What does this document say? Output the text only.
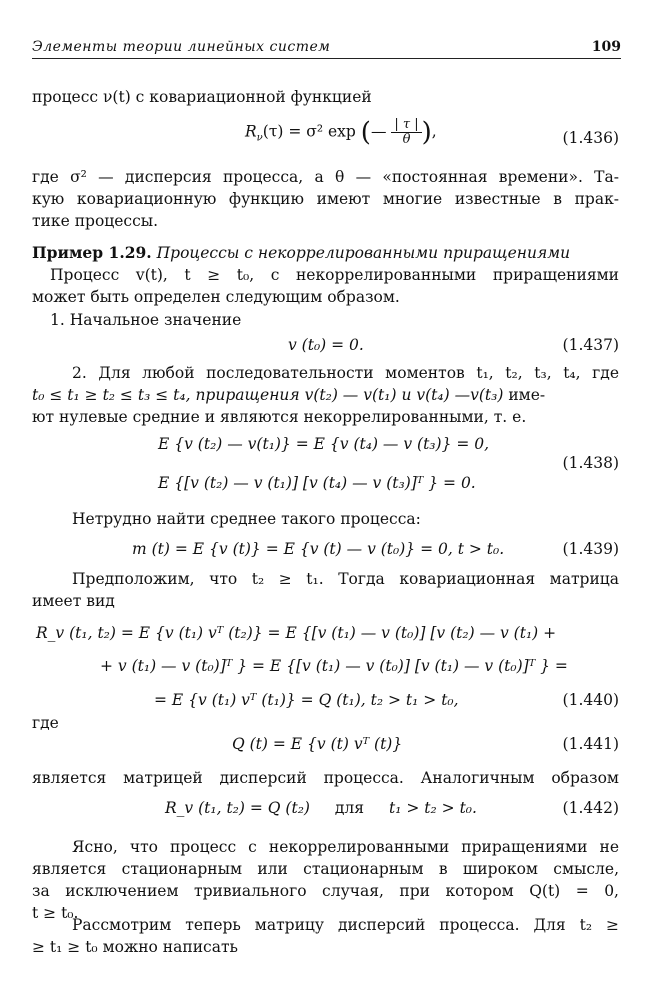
Элементы теории линейных систем	109
процесс ν(t) с ковариационной функцией
$R_\nu(\tau) = \sigma^2$ exp (— $\frac{| \tau |}{\theta}$ ),	(1.436)
где σ² — дисперсия процесса, а θ — «постоянная времени». Та-
кую ковариационную функцию имеют многие известные в прак-
тике процессы.
Пример 1.29. Процессы с некоррелированными приращениями
Процесс v(t), t ≥ t₀, с некоррелированными приращениями
может быть определен следующим образом.
1. Начальное значение
v (t₀) = 0.	(1.437)
2. Для любой последовательности моментов t₁, t₂, t₃, t₄, где
t₀ ≤ t₁ ≥ t₂ ≤ t₃ ≤ t₄, приращения v(t₂) — v(t₁) и v(t₄) —v(t₃) име-
ют нулевые средние и являются некоррелированными, т. е.
E {v (t₂) — v(t₁)} = E {v (t₄) — v (t₃)} = 0,
E {[v (t₂) — v (t₁)] [v (t₄) — v (t₃)]ᵀ } = 0.
(1.438)
Нетрудно найти среднее такого процесса:
m (t) = E {v (t)} = E {v (t) — v (t₀)} = 0, t > t₀.	(1.439)
Предположим, что t₂ ≥ t₁. Тогда ковариационная матрица
имеет вид
R_v (t₁, t₂) = E {v (t₁) vᵀ (t₂)} = E {[v (t₁) — v (t₀)] [v (t₂) — v (t₁) +
+ v (t₁) — v (t₀)]ᵀ } = E {[v (t₁) — v (t₀)] [v (t₁) — v (t₀)]ᵀ } =
= E {v (t₁) vᵀ (t₁)} = Q (t₁), t₂ > t₁ > t₀,	(1.440)
где
Q (t) = E {v (t) vᵀ (t)}	(1.441)
является матрицей дисперсий процесса. Аналогичным образом
R_v (t₁, t₂) = Q (t₂) для t₁ > t₂ > t₀.	(1.442)
Ясно, что процесс с некоррелированными приращениями не
является стационарным или стационарным в широком смысле,
за исключением тривиального случая, при котором Q(t) = 0,
t ≥ t₀.
Рассмотрим теперь матрицу дисперсий процесса. Для t₂ ≥
≥ t₁ ≥ t₀ можно написать
